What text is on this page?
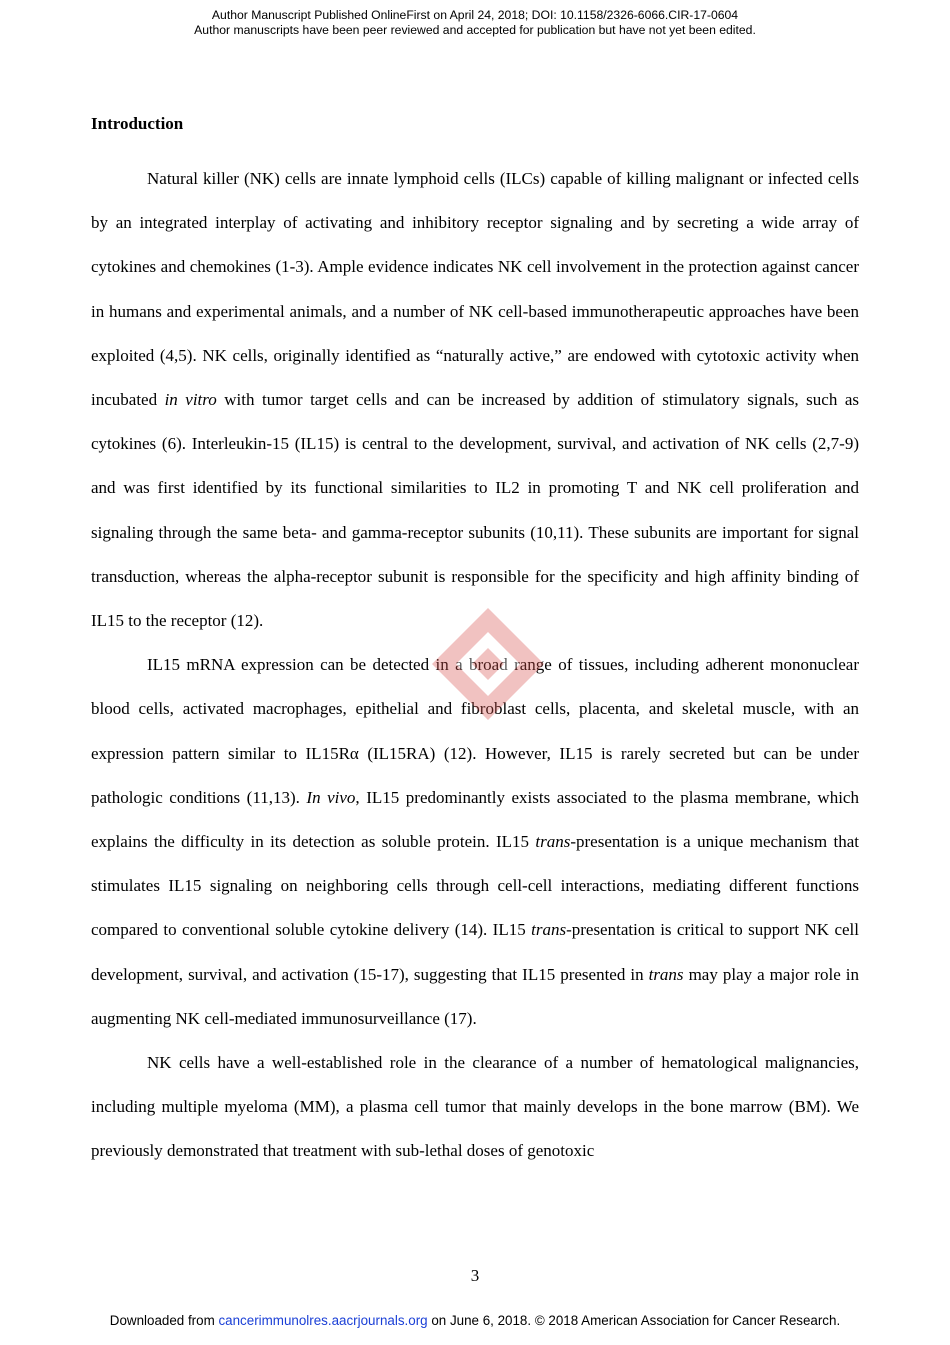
Author Manuscript Published OnlineFirst on April 24, 2018; DOI: 10.1158/2326-6066.CIR-17-0604
Author manuscripts have been peer reviewed and accepted for publication but have not yet been edited.
Introduction

Natural killer (NK) cells are innate lymphoid cells (ILCs) capable of killing malignant or infected cells by an integrated interplay of activating and inhibitory receptor signaling and by secreting a wide array of cytokines and chemokines (1-3). Ample evidence indicates NK cell involvement in the protection against cancer in humans and experimental animals, and a number of NK cell-based immunotherapeutic approaches have been exploited (4,5). NK cells, originally identified as “naturally active,” are endowed with cytotoxic activity when incubated in vitro with tumor target cells and can be increased by addition of stimulatory signals, such as cytokines (6). Interleukin-15 (IL15) is central to the development, survival, and activation of NK cells (2,7-9) and was first identified by its functional similarities to IL2 in promoting T and NK cell proliferation and signaling through the same beta- and gamma-receptor subunits (10,11). These subunits are important for signal transduction, whereas the alpha-receptor subunit is responsible for the specificity and high affinity binding of IL15 to the receptor (12).

IL15 mRNA expression can be detected in a broad range of tissues, including adherent mononuclear blood cells, activated macrophages, epithelial and fibroblast cells, placenta, and skeletal muscle, with an expression pattern similar to IL15Rα (IL15RA) (12). However, IL15 is rarely secreted but can be under pathologic conditions (11,13). In vivo, IL15 predominantly exists associated to the plasma membrane, which explains the difficulty in its detection as soluble protein. IL15 trans-presentation is a unique mechanism that stimulates IL15 signaling on neighboring cells through cell-cell interactions, mediating different functions compared to conventional soluble cytokine delivery (14). IL15 trans-presentation is critical to support NK cell development, survival, and activation (15-17), suggesting that IL15 presented in trans may play a major role in augmenting NK cell-mediated immunosurveillance (17).

NK cells have a well-established role in the clearance of a number of hematological malignancies, including multiple myeloma (MM), a plasma cell tumor that mainly develops in the bone marrow (BM). We previously demonstrated that treatment with sub-lethal doses of genotoxic

3
Downloaded from cancerimmunolres.aacrjournals.org on June 6, 2018. © 2018 American Association for Cancer Research.
